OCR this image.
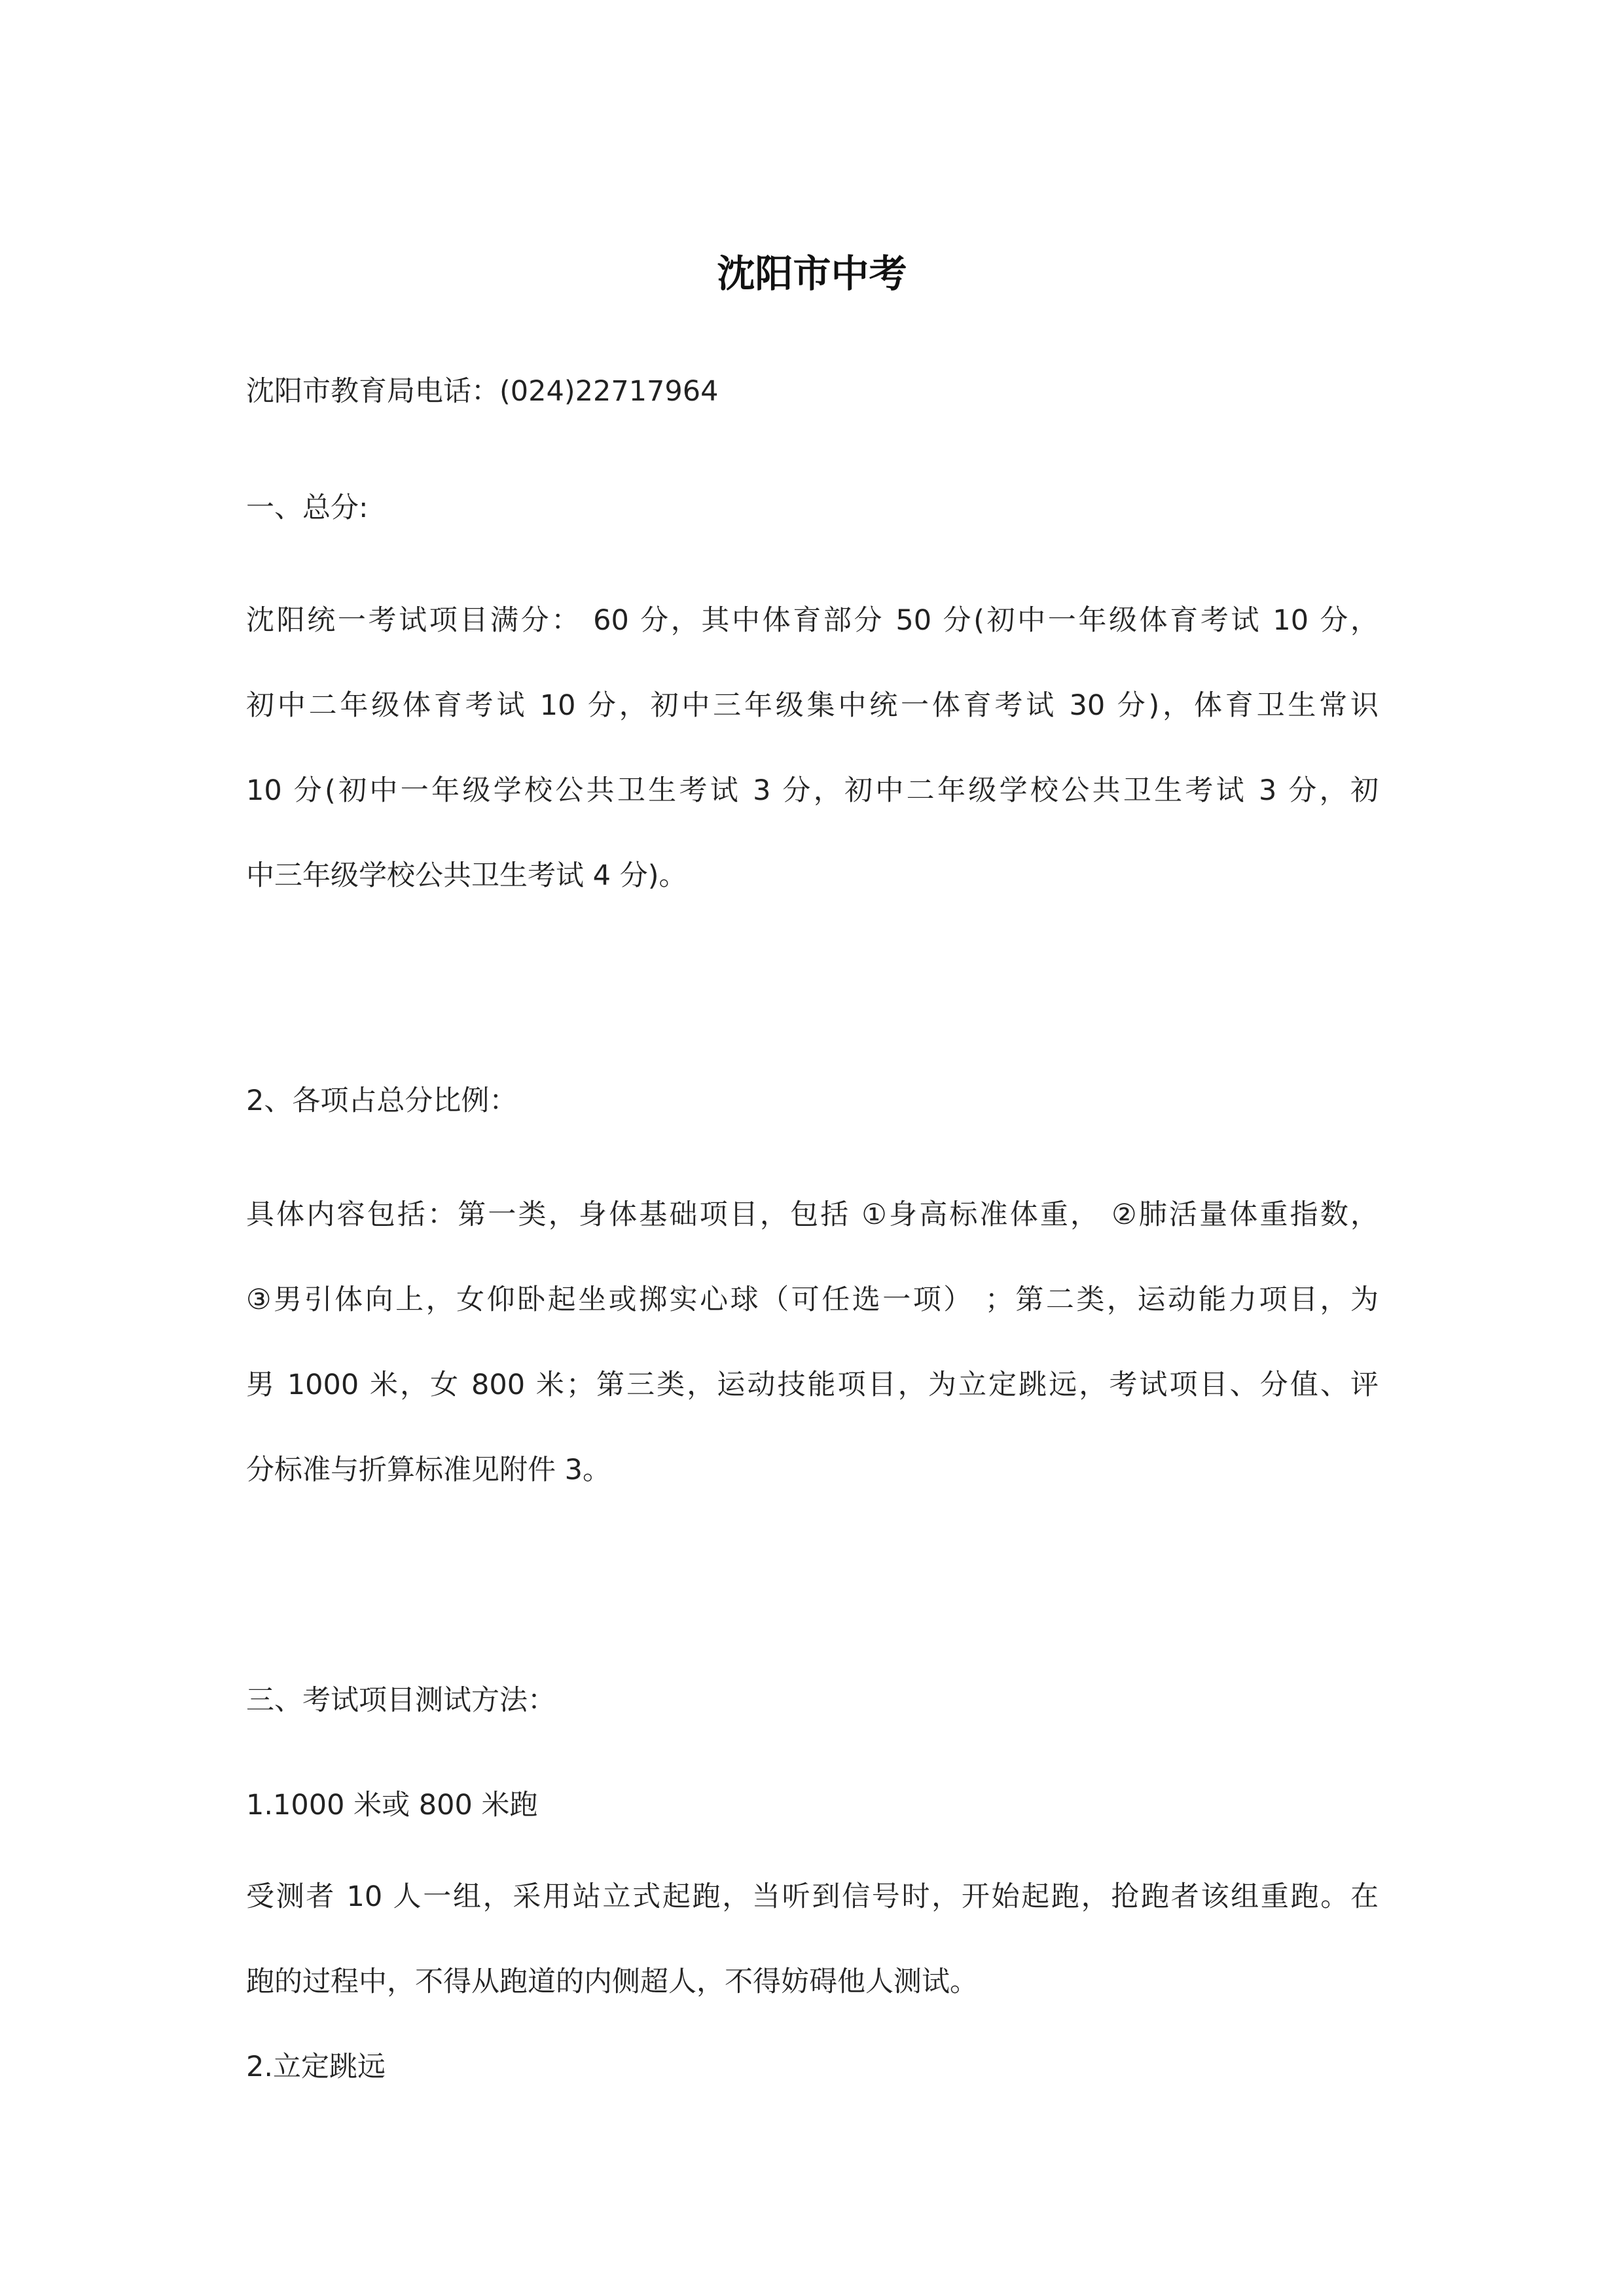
沈阳市中考
沈阳市教育局电话：(024)22717964
一、总分:
沈阳统一考试项目满分： 60 分，其中体育部分 50 分(初中一年级体育考试 10 分，
初中二年级体育考试 10 分，初中三年级集中统一体育考试 30 分)，体育卫生常识
10 分(初中一年级学校公共卫生考试 3 分，初中二年级学校公共卫生考试 3 分，初
中三年级学校公共卫生考试 4 分)。
2、各项占总分比例：
具体内容包括：第一类，身体基础项目，包括 ①身高标准体重， ②肺活量体重指数，
③男引体向上，女仰卧起坐或掷实心球（可任选一项） ；第二类，运动能力项目，为
男 1000 米，女 800 米；第三类，运动技能项目，为立定跳远，考试项目、分值、评
分标准与折算标准见附件 3。
三、考试项目测试方法：
1.1000 米或 800 米跑
受测者 10 人一组，采用站立式起跑，当听到信号时，开始起跑，抢跑者该组重跑。在
跑的过程中，不得从跑道的内侧超人，不得妨碍他人测试。
2.立定跳远
